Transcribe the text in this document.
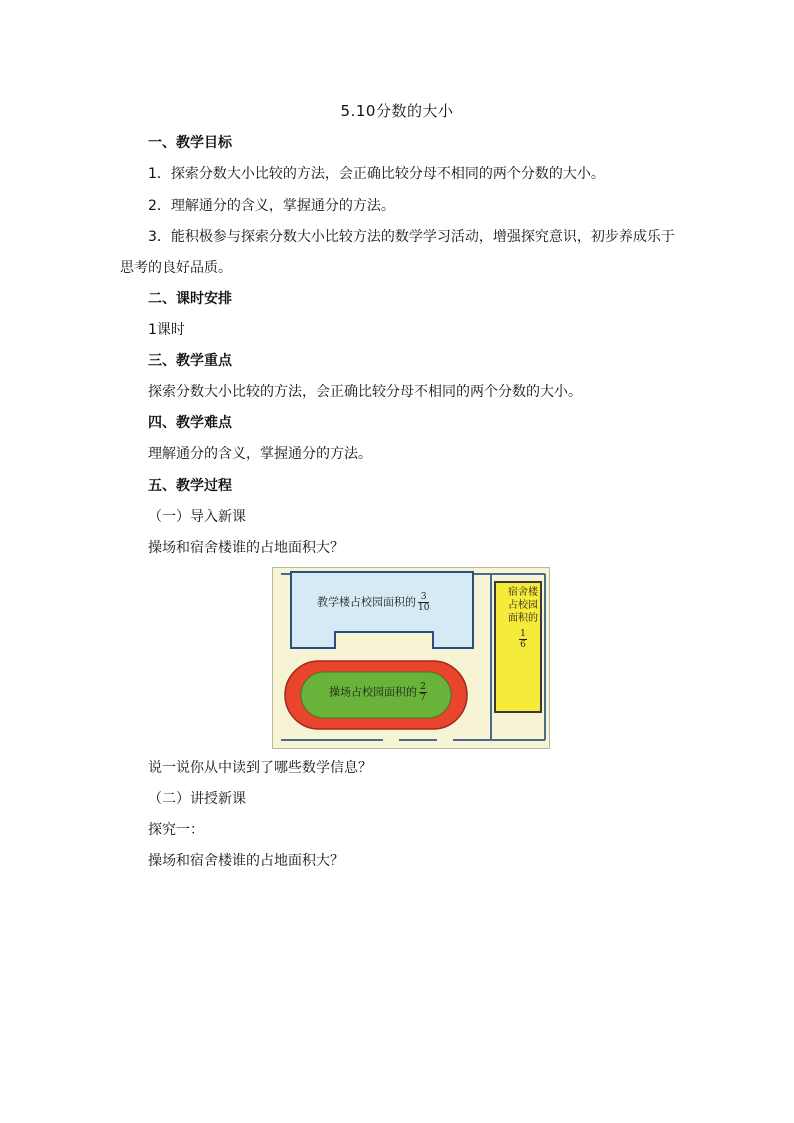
5.10分数的大小
一、教学目标
1．探索分数大小比较的方法，会正确比较分母不相同的两个分数的大小。
2．理解通分的含义，掌握通分的方法。
3．能积极参与探索分数大小比较方法的数学学习活动，增强探究意识，初步养成乐于
思考的良好品质。
二、课时安排
1课时
三、教学重点
探索分数大小比较的方法，会正确比较分母不相同的两个分数的大小。
四、教学难点
理解通分的含义，掌握通分的方法。
五、教学过程
（一）导入新课
操场和宿舍楼谁的占地面积大？
教学楼占校园面积的 $\frac{3}{10}$
操场占校园面积的 $\frac{2}{7}$
宿舍楼
占校园
面积的
$\frac{1}{6}$
说一说你从中读到了哪些数学信息？
（二）讲授新课
探究一：
操场和宿舍楼谁的占地面积大？
